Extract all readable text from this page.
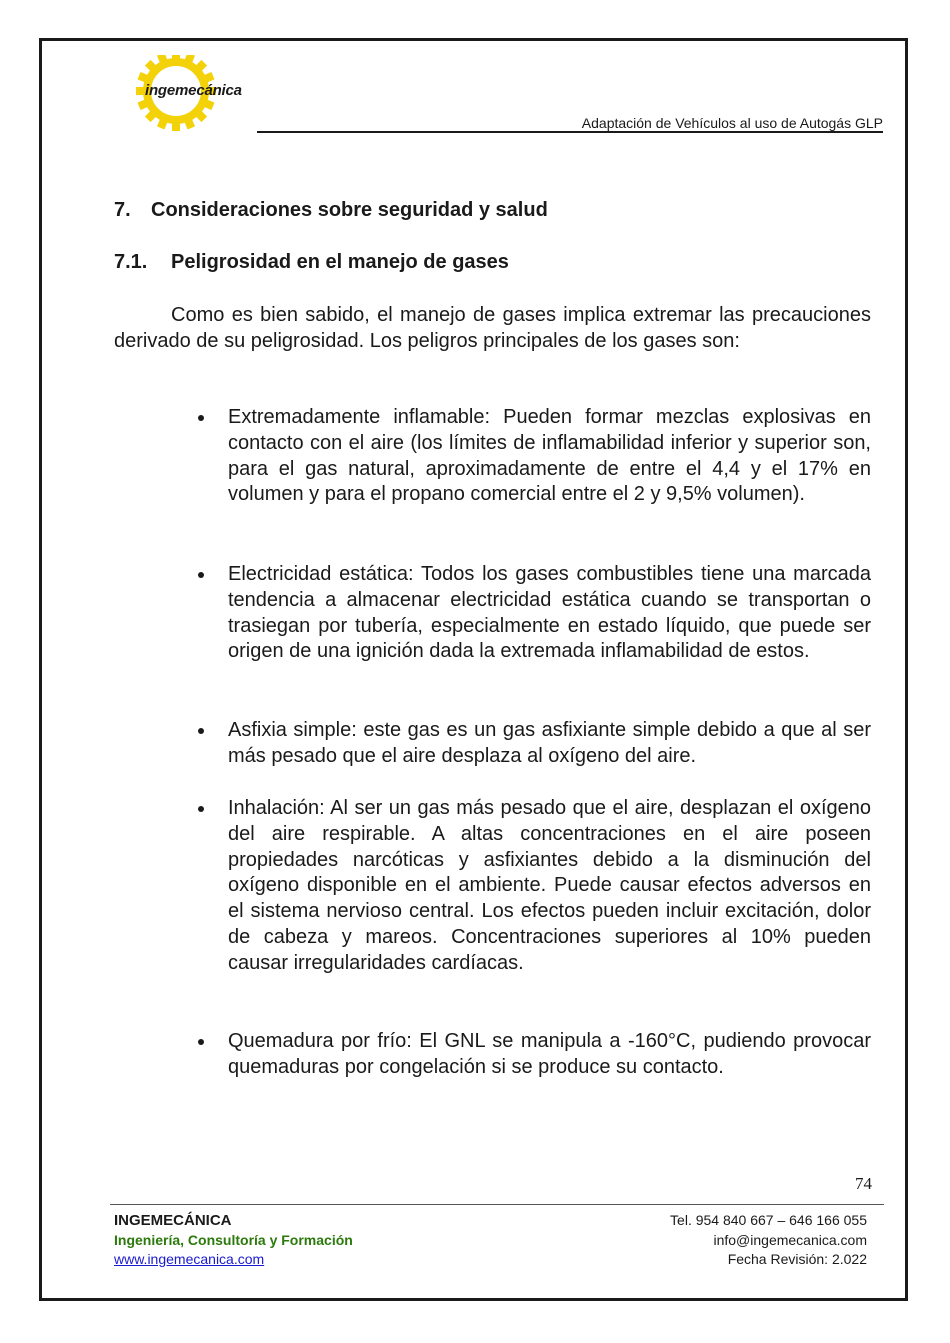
ingemecánica
Adaptación de Vehículos al uso de Autogás GLP
7. Consideraciones sobre seguridad y salud
7.1. Peligrosidad en el manejo de gases

Como es bien sabido, el manejo de gases implica extremar las precauciones derivado de su peligrosidad. Los peligros principales de los gases son:

Extremadamente inflamable: Pueden formar mezclas explosivas en contacto con el aire (los límites de inflamabilidad inferior y superior son, para el gas natural, aproximadamente de entre el 4,4 y el 17% en volumen y para el propano comercial entre el 2 y 9,5% volumen).
Electricidad estática: Todos los gases combustibles tiene una marcada tendencia a almacenar electricidad estática cuando se transportan o trasiegan por tubería, especialmente en estado líquido, que puede ser origen de una ignición dada la extremada inflamabilidad de estos.
Asfixia simple: este gas es un gas asfixiante simple debido a que al ser más pesado que el aire desplaza al oxígeno del aire.
Inhalación: Al ser un gas más pesado que el aire, desplazan el oxígeno del aire respirable. A altas concentraciones en el aire poseen propiedades narcóticas y asfixiantes debido a la disminución del oxígeno disponible en el ambiente. Puede causar efectos adversos en el sistema nervioso central. Los efectos pueden incluir excitación, dolor de cabeza y mareos. Concentraciones superiores al 10% pueden causar irregularidades cardíacas.
Quemadura por frío: El GNL se manipula a -160°C, pudiendo provocar quemaduras por congelación si se produce su contacto.
74
INGEMECÁNICA
Ingeniería, Consultoría y Formación
www.ingemecanica.com
Tel. 954 840 667 – 646 166 055
info@ingemecanica.com
Fecha Revisión: 2.022
